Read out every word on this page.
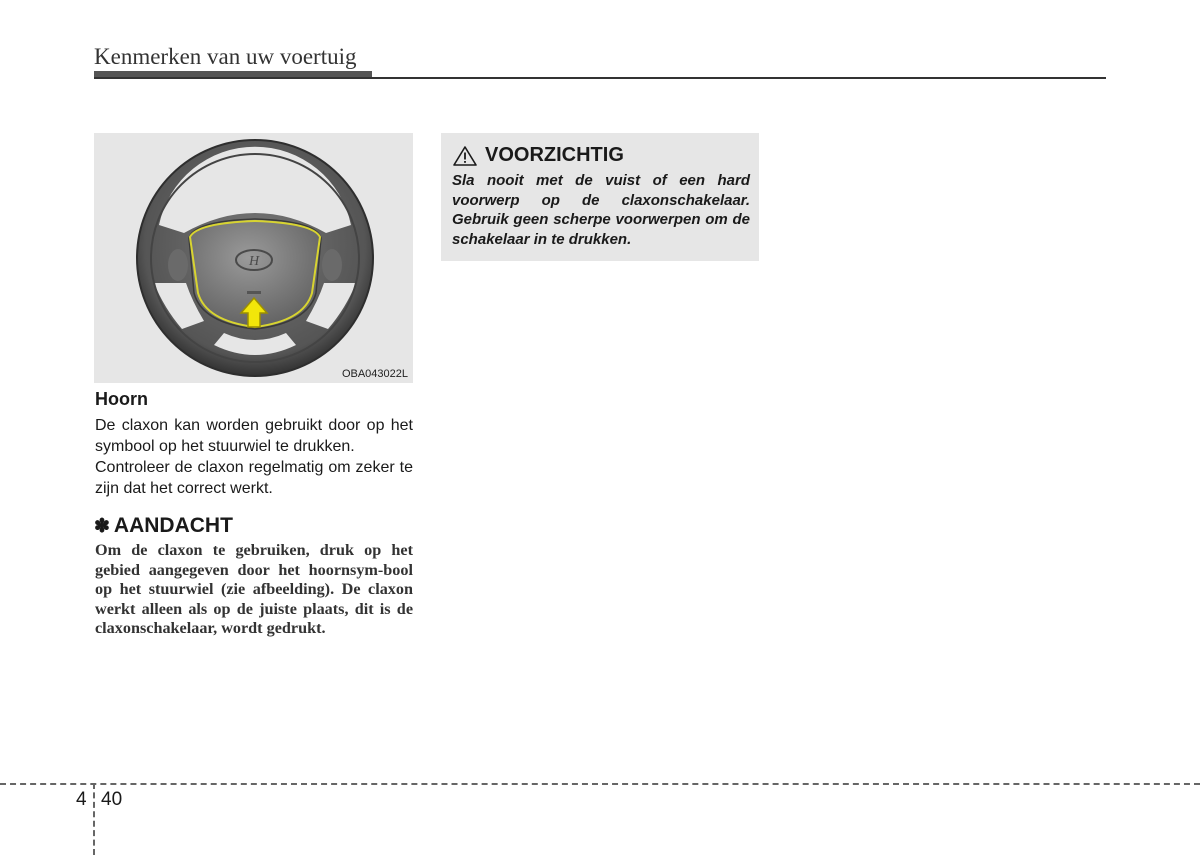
Kenmerken van uw voertuig
H
OBA043022L
Hoorn

De claxon kan worden gebruikt door op het symbool op het stuurwiel te drukken.

Controleer de claxon regelmatig om zeker te zijn dat het correct werkt.

✽ AANDACHT

Om de claxon te gebruiken, druk op het gebied aangegeven door het hoornsym-bool op het stuurwiel (zie afbeelding). De claxon werkt alleen als op de juiste plaats, dit is de claxonschakelaar, wordt gedrukt.

VOORZICHTIG

Sla nooit met de vuist of een hard voorwerp op de claxonschakelaar. Gebruik geen scherpe voorwerpen om de schakelaar in te drukken.

4 40
